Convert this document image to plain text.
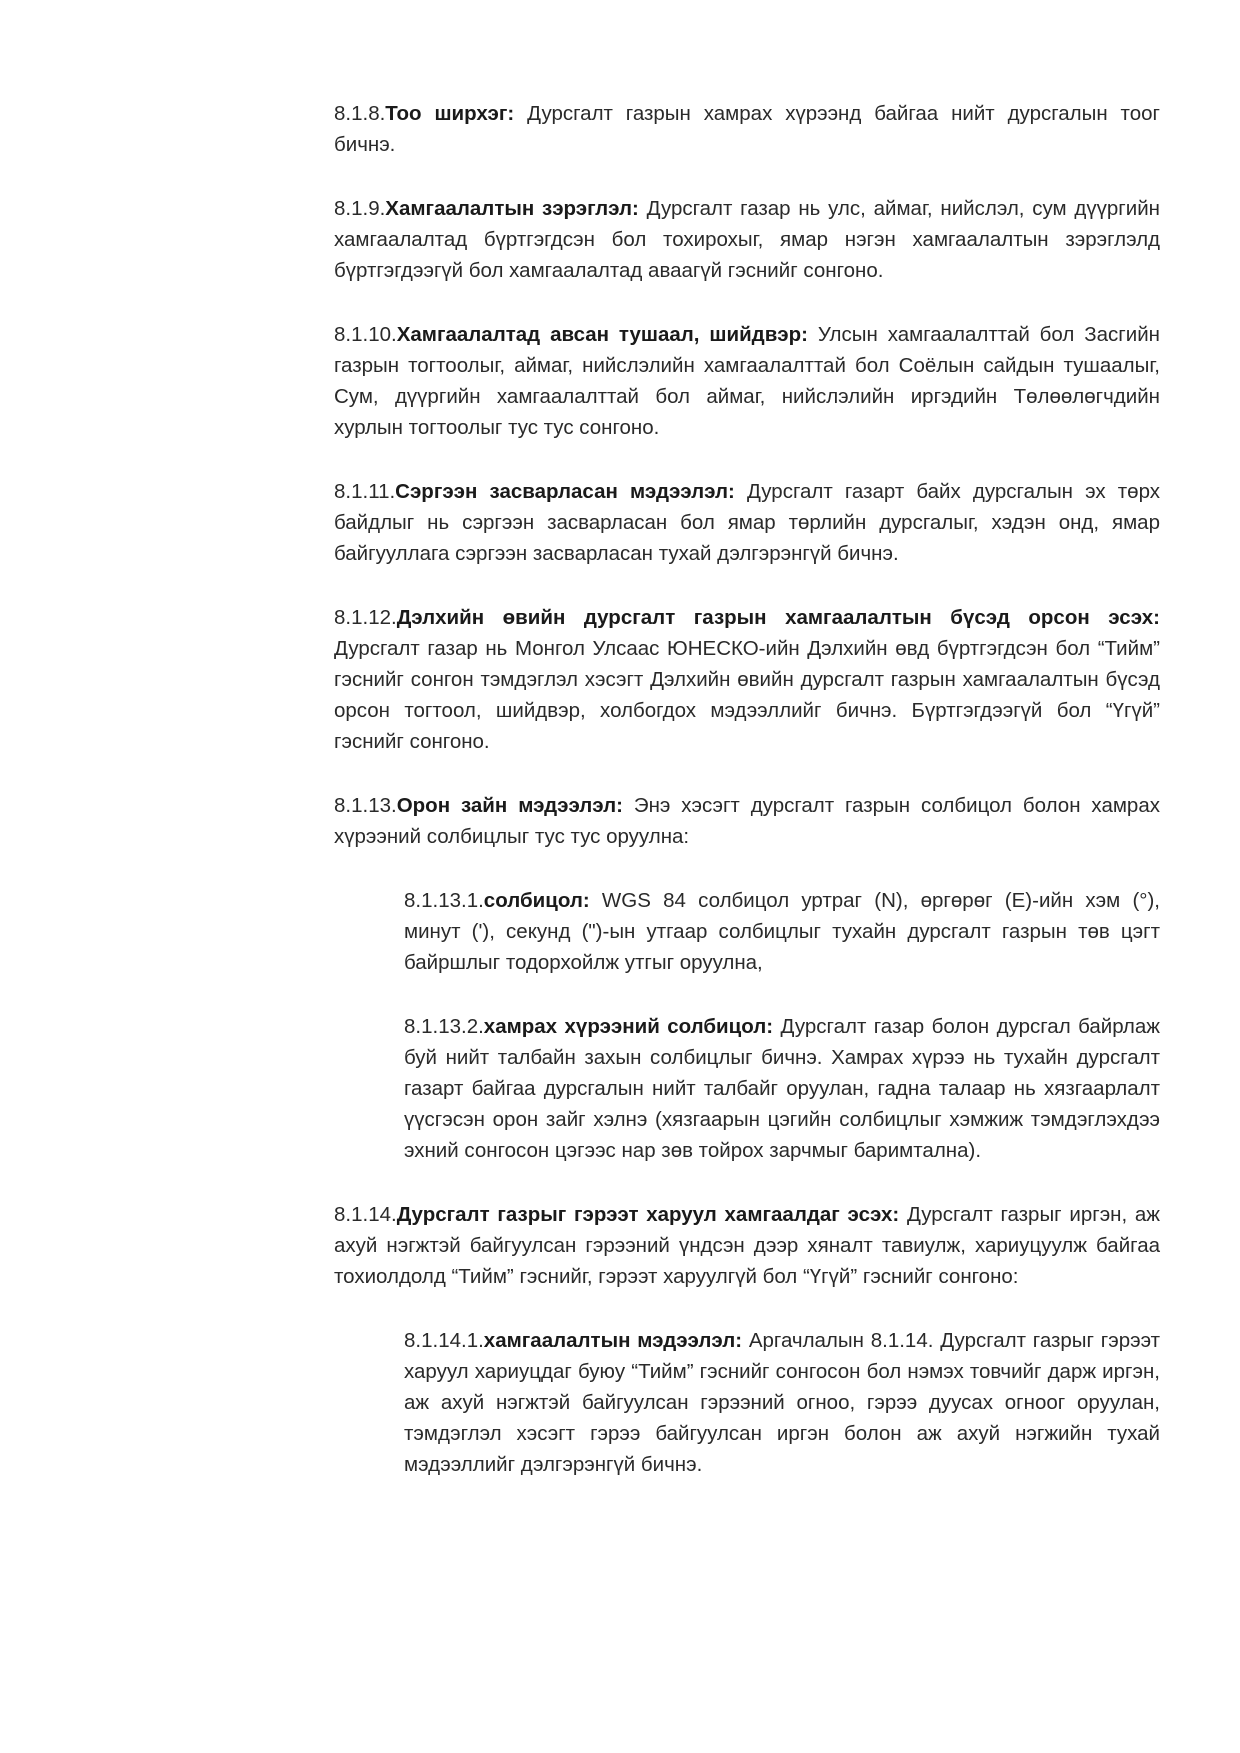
8.1.8.Тоо ширхэг: Дурсгалт газрын хамрах хүрээнд байгаа нийт дурсгалын тоог бичнэ.

8.1.9.Хамгаалалтын зэрэглэл: Дурсгалт газар нь улс, аймаг, нийслэл, сум дүүргийн хамгаалалтад бүртгэгдсэн бол тохирохыг, ямар нэгэн хамгаалалтын зэрэглэлд бүртгэгдээгүй бол хамгаалалтад аваагүй гэснийг сонгоно.

8.1.10.Хамгаалалтад авсан тушаал, шийдвэр: Улсын хамгаалалттай бол Засгийн газрын тогтоолыг, аймаг, нийслэлийн хамгаалалттай бол Соёлын сайдын тушаалыг, Сум, дүүргийн хамгаалалттай бол аймаг, нийслэлийн иргэдийн Төлөөлөгчдийн хурлын тогтоолыг тус тус сонгоно.

8.1.11.Сэргээн засварласан мэдээлэл: Дурсгалт газарт байх дурсгалын эх төрх байдлыг нь сэргээн засварласан бол ямар төрлийн дурсгалыг, хэдэн онд, ямар байгууллага сэргээн засварласан тухай дэлгэрэнгүй бичнэ.

8.1.12.Дэлхийн өвийн дурсгалт газрын хамгаалалтын бүсэд орсон эсэх: Дурсгалт газар нь Монгол Улсаас ЮНЕСКО-ийн Дэлхийн өвд бүртгэгдсэн бол “Тийм” гэснийг сонгон тэмдэглэл хэсэгт Дэлхийн өвийн дурсгалт газрын хамгаалалтын бүсэд орсон тогтоол, шийдвэр, холбогдох мэдээллийг бичнэ. Бүртгэгдээгүй бол “Үгүй” гэснийг сонгоно.

8.1.13.Орон зайн мэдээлэл: Энэ хэсэгт дурсгалт газрын солбицол болон хамрах хүрээний солбицлыг тус тус оруулна:

8.1.13.1.солбицол: WGS 84 солбицол уртраг (N), өргөрөг (E)-ийн хэм (°), минут ('), секунд (")-ын утгаар солбицлыг тухайн дурсгалт газрын төв цэгт байршлыг тодорхойлж утгыг оруулна,

8.1.13.2.хамрах хүрээний солбицол: Дурсгалт газар болон дурсгал байрлаж буй нийт талбайн захын солбицлыг бичнэ. Хамрах хүрээ нь тухайн дурсгалт газарт байгаа дурсгалын нийт талбайг оруулан, гадна талаар нь хязгаарлалт үүсгэсэн орон зайг хэлнэ (хязгаарын цэгийн солбицлыг хэмжиж тэмдэглэхдээ эхний сонгосон цэгээс нар зөв тойрох зарчмыг баримтална).

8.1.14.Дурсгалт газрыг гэрээт харуул хамгаалдаг эсэх: Дурсгалт газрыг иргэн, аж ахуй нэгжтэй байгуулсан гэрээний үндсэн дээр хяналт тавиулж, хариуцуулж байгаа тохиолдолд “Тийм” гэснийг, гэрээт харуулгүй бол “Үгүй” гэснийг сонгоно:

8.1.14.1.хамгаалалтын мэдээлэл: Аргачлалын 8.1.14. Дурсгалт газрыг гэрээт харуул хариуцдаг буюу “Тийм” гэснийг сонгосон бол нэмэх товчийг дарж иргэн, аж ахуй нэгжтэй байгуулсан гэрээний огноо, гэрээ дуусах огноог оруулан, тэмдэглэл хэсэгт гэрээ байгуулсан иргэн болон аж ахуй нэгжийн тухай мэдээллийг дэлгэрэнгүй бичнэ.
